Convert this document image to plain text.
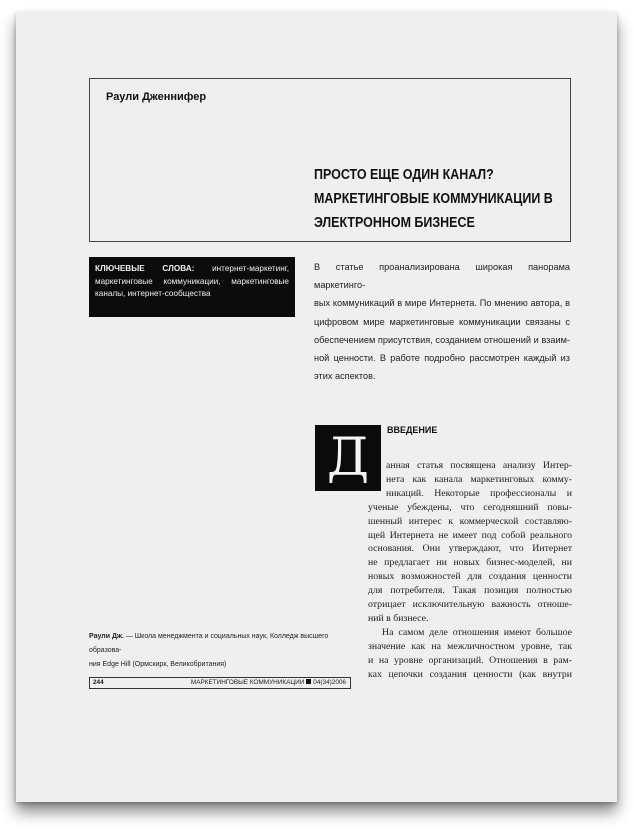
Раули Дженнифер
ПРОСТО ЕЩЕ ОДИН КАНАЛ?
МАРКЕТИНГОВЫЕ КОММУНИКАЦИИ В
ЭЛЕКТРОННОМ БИЗНЕСЕ
КЛЮЧЕВЫЕ СЛОВА: интернет-маркетинг, маркетинговые коммуникации, маркетинговые каналы, интернет-сообщества
В статье проанализирована широкая панорама маркетинго-
вых коммуникаций в мире Интернета. По мнению автора, в
цифровом мире маркетинговые коммуникации связаны с
обеспечением присутствия, созданием отношений и взаим-
ной ценности. В работе подробно рассмотрен каждый из
этих аспектов.
Д	ВВЕДЕНИЕ
анная статья посвящена анализу Интер-
нета как канала маркетинговых комму-
никаций. Некоторые профессионалы и
ученые убеждены, что сегодняшний повы-
шенный интерес к коммерческой составляю-
щей Интернета не имеет под собой реального
основания. Они утверждают, что Интернет
не предлагает ни новых бизнес-моделей, ни
новых возможностей для создания ценности
для потребителя. Такая позиция полностью
отрицает исключительную важность отноше-
ний в бизнесе.
На самом деле отношения имеют большое
значение как на межличностном уровне, так
и на уровне организаций. Отношения в рам-
ках цепочки создания ценности (как внутри
Раули Дж. — Школа менеджмента и социальных наук, Колледж высшего образова-
ния Edge Hill (Ормскирк, Великобритания)
244	МАРКЕТИНГОВЫЕ КОММУНИКАЦИИ 04(34)2006
